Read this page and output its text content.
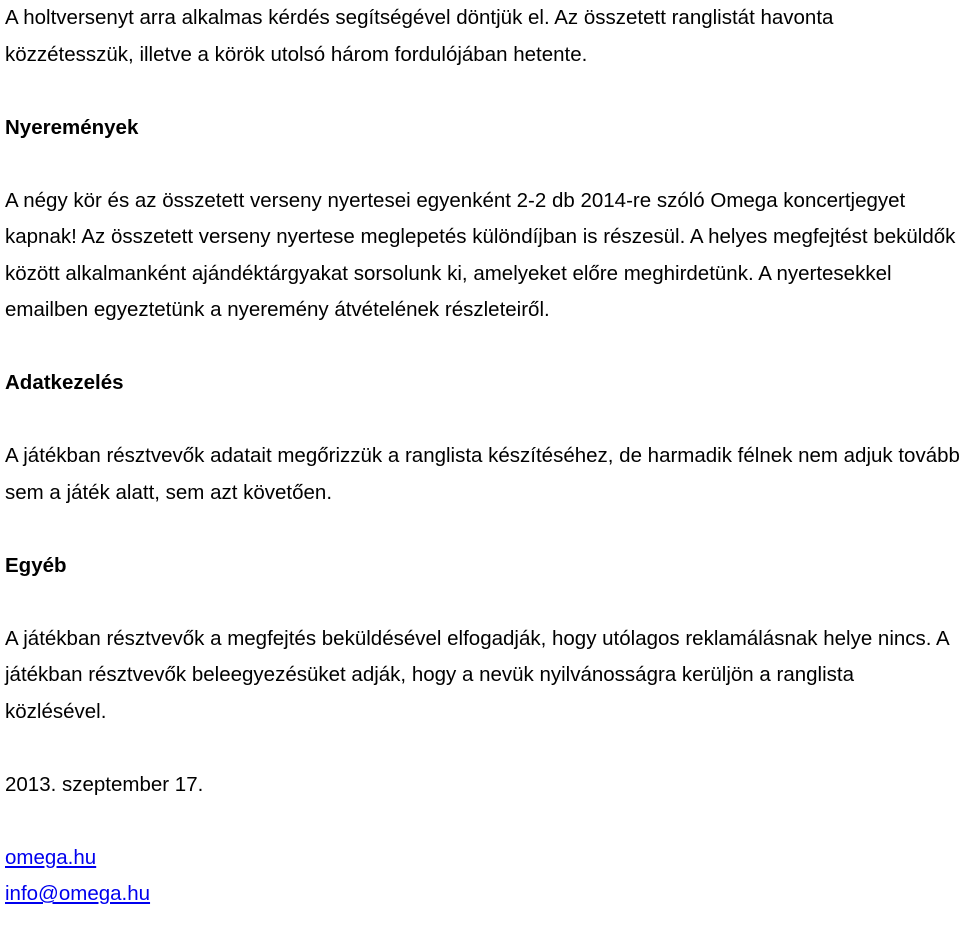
A holtversenyt arra alkalmas kérdés segítségével döntjük el. Az összetett ranglistát havonta közzétesszük, illetve a körök utolsó három fordulójában hetente.

Nyeremények

A négy kör és az összetett verseny nyertesei egyenként 2-2 db 2014-re szóló Omega koncertjegyet kapnak! Az összetett verseny nyertese meglepetés különdíjban is részesül. A helyes megfejtést beküldők között alkalmanként ajándéktárgyakat sorsolunk ki, amelyeket előre meghirdetünk. A nyertesekkel emailben egyeztetünk a nyeremény átvételének részleteiről.

Adatkezelés

A játékban résztvevők adatait megőrizzük a ranglista készítéséhez, de harmadik félnek nem adjuk tovább sem a játék alatt, sem azt követően.

Egyéb

A játékban résztvevők a megfejtés beküldésével elfogadják, hogy utólagos reklamálásnak helye nincs. A játékban résztvevők beleegyezésüket adják, hogy a nevük nyilvánosságra kerüljön a ranglista közlésével.

2013. szeptember 17.

omega.hu
info@omega.hu
